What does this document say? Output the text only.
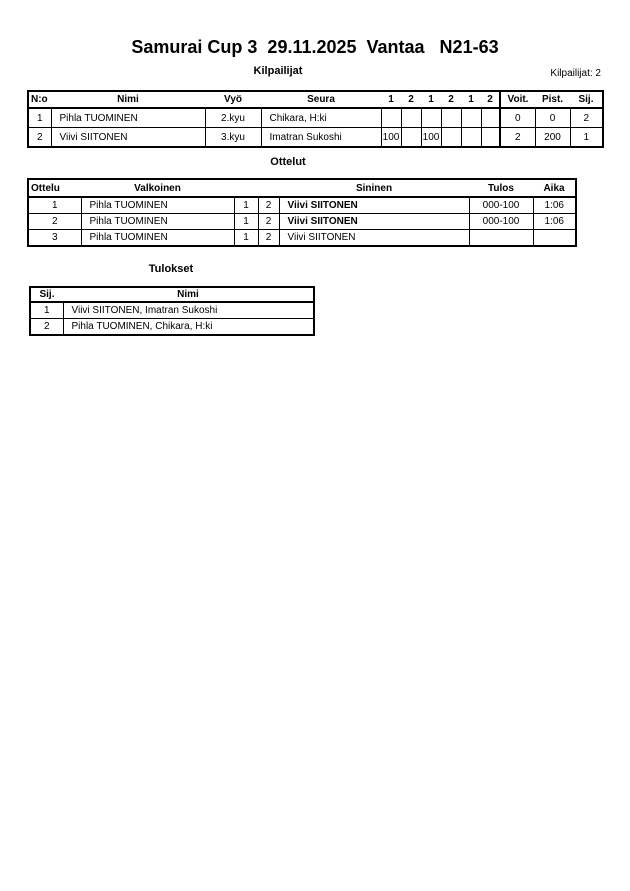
Samurai Cup 3  29.11.2025  Vantaa   N21-63
Kilpailijat	Kilpailijat: 2
N:o	Nimi	Vyö	Seura	1	2	1	2	1	2	Voit.	Pist.	Sij.
1	Pihla TUOMINEN	2.kyu	Chikara, H:ki							0	0	2
2	Viivi SIITONEN	3.kyu	Imatran Sukoshi	100		100				2	200	1
Ottelut
Ottelu	Valkoinen			Sininen	Tulos	Aika
1	Pihla TUOMINEN	1	2	Viivi SIITONEN	000-100	1:06
2	Pihla TUOMINEN	1	2	Viivi SIITONEN	000-100	1:06
3	Pihla TUOMINEN	1	2	Viivi SIITONEN		
Tulokset
Sij.	Nimi
1	Viivi SIITONEN, Imatran Sukoshi
2	Pihla TUOMINEN, Chikara, H:ki
